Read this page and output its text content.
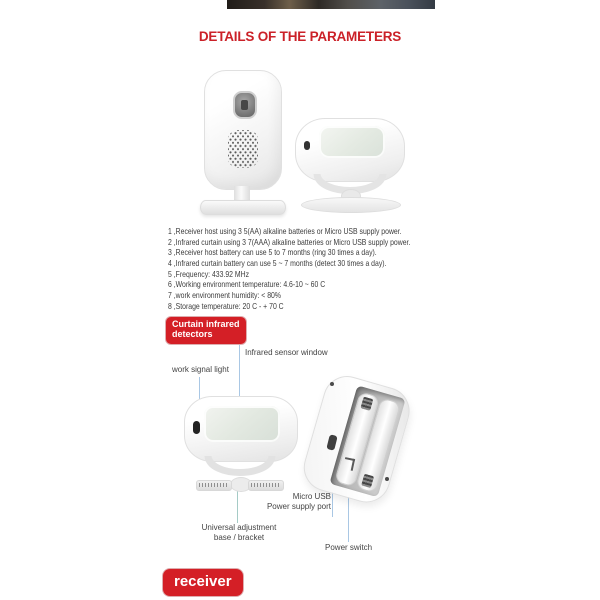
DETAILS OF THE PARAMETERS
1 ,Receiver host using 3 5(AA) alkaline batteries or Micro USB supply power.
2 ,Infrared curtain using 3 7(AAA) alkaline batteries or Micro USB supply power.
3 ,Receiver host battery can use 5 to 7 months (ring 30 times a day).
4 ,Infrared curtain battery can use 5 ~ 7 months (detect 30 times a day).
5 ,Frequency: 433.92 MHz
6 ,Working environment temperature: 4.6-10 ~ 60 C
7 ,work environment humidity: < 80%
8 ,Storage temperature: 20 C - + 70 C
Curtain infrared
detectors
Infrared sensor window
work signal light
Universal adjustment
base / bracket
Micro USB
Power supply port
Power switch
receiver
